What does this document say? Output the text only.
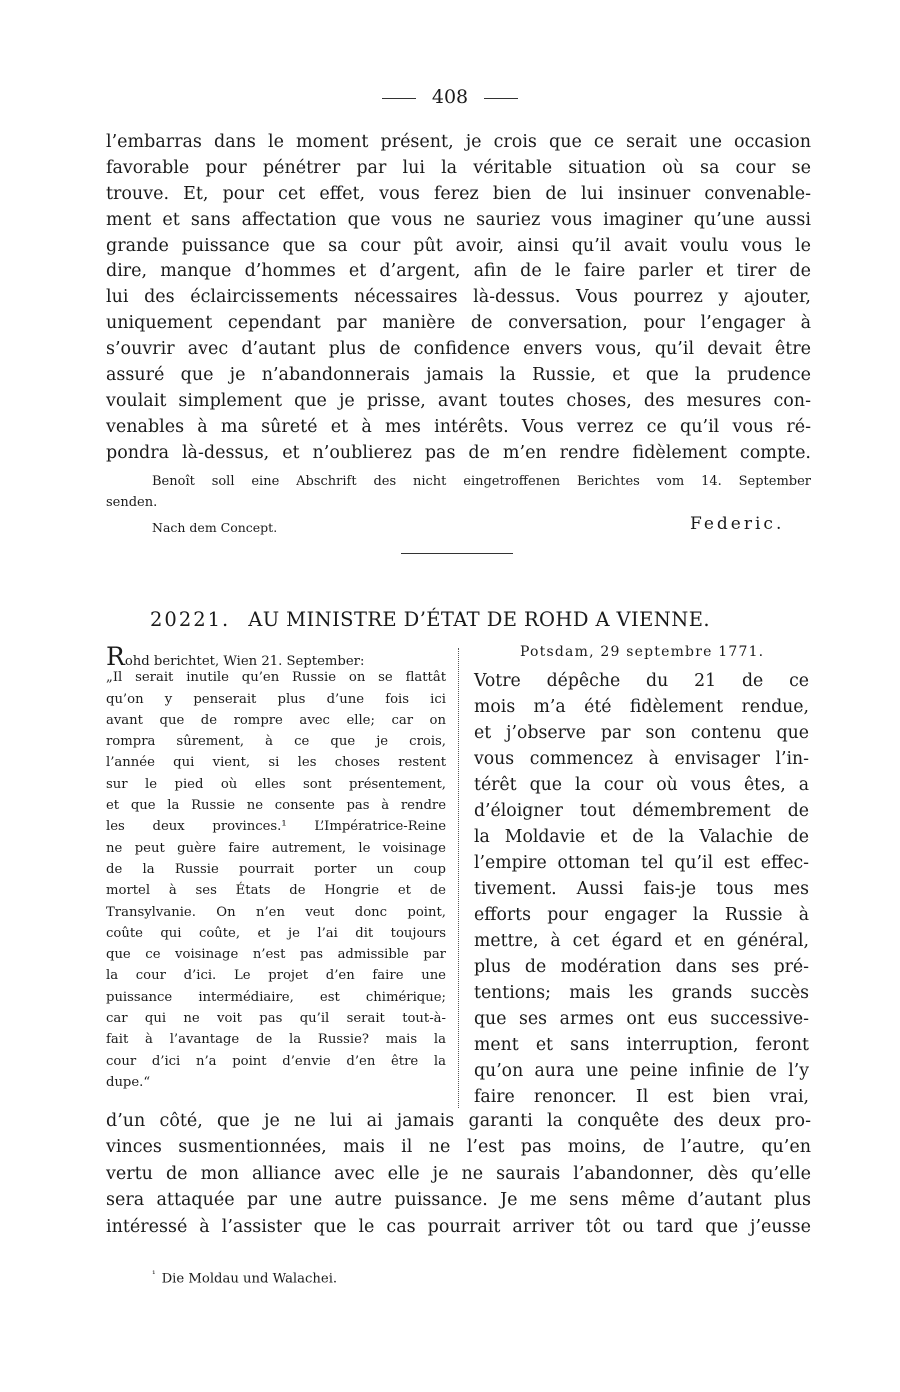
408
l’embarras dans le moment présent, je crois que ce serait une occasion
favorable pour pénétrer par lui la véritable situation où sa cour se
trouve. Et, pour cet effet, vous ferez bien de lui insinuer convenable-
ment et sans affectation que vous ne sauriez vous imaginer qu’une aussi
grande puissance que sa cour pût avoir, ainsi qu’il avait voulu vous le
dire, manque d’hommes et d’argent, afin de le faire parler et tirer de
lui des éclaircissements nécessaires là-dessus. Vous pourrez y ajouter,
uniquement cependant par manière de conversation, pour l’engager à
s’ouvrir avec d’autant plus de confidence envers vous, qu’il devait être
assuré que je n’abandonnerais jamais la Russie, et que la prudence
voulait simplement que je prisse, avant toutes choses, des mesures con-
venables à ma sûreté et à mes intérêts. Vous verrez ce qu’il vous ré-
pondra là-dessus, et n’oublierez pas de m’en rendre fidèlement compte.
Benoît soll eine Abschrift des nicht eingetroffenen Berichtes vom 14. September
senden.
Nach dem Concept.	Federic.
20221. AU MINISTRE D’ÉTAT DE ROHD A VIENNE.
Rohd berichtet, Wien 21. September:
„Il serait inutile qu’en Russie on se flattât
qu’on y penserait plus d’une fois ici
avant que de rompre avec elle; car on
rompra sûrement, à ce que je crois,
l’année qui vient, si les choses restent
sur le pied où elles sont présentement,
et que la Russie ne consente pas à rendre
les deux provinces.¹ L’Impératrice-Reine
ne peut guère faire autrement, le voisinage
de la Russie pourrait porter un coup
mortel à ses États de Hongrie et de
Transylvanie. On n’en veut donc point,
coûte qui coûte, et je l’ai dit toujours
que ce voisinage n’est pas admissible par
la cour d’ici. Le projet d’en faire une
puissance intermédiaire, est chimérique;
car qui ne voit pas qu’il serait tout-à-
fait à l’avantage de la Russie? mais la
cour d’ici n’a point d’envie d’en être la
dupe.“
Potsdam, 29 septembre 1771.
Votre dépêche du 21 de ce
mois m’a été fidèlement rendue,
et j’observe par son contenu que
vous commencez à envisager l’in-
térêt que la cour où vous êtes, a
d’éloigner tout démembrement de
la Moldavie et de la Valachie de
l’empire ottoman tel qu’il est effec-
tivement. Aussi fais-je tous mes
efforts pour engager la Russie à
mettre, à cet égard et en général,
plus de modération dans ses pré-
tentions; mais les grands succès
que ses armes ont eus successive-
ment et sans interruption, feront
qu’on aura une peine infinie de l’y
faire renoncer. Il est bien vrai,
d’un côté, que je ne lui ai jamais garanti la conquête des deux pro-
vinces susmentionnées, mais il ne l’est pas moins, de l’autre, qu’en
vertu de mon alliance avec elle je ne saurais l’abandonner, dès qu’elle
sera attaquée par une autre puissance. Je me sens même d’autant plus
intéressé à l’assister que le cas pourrait arriver tôt ou tard que j’eusse
$^{^1}$ Die Moldau und Walachei.
